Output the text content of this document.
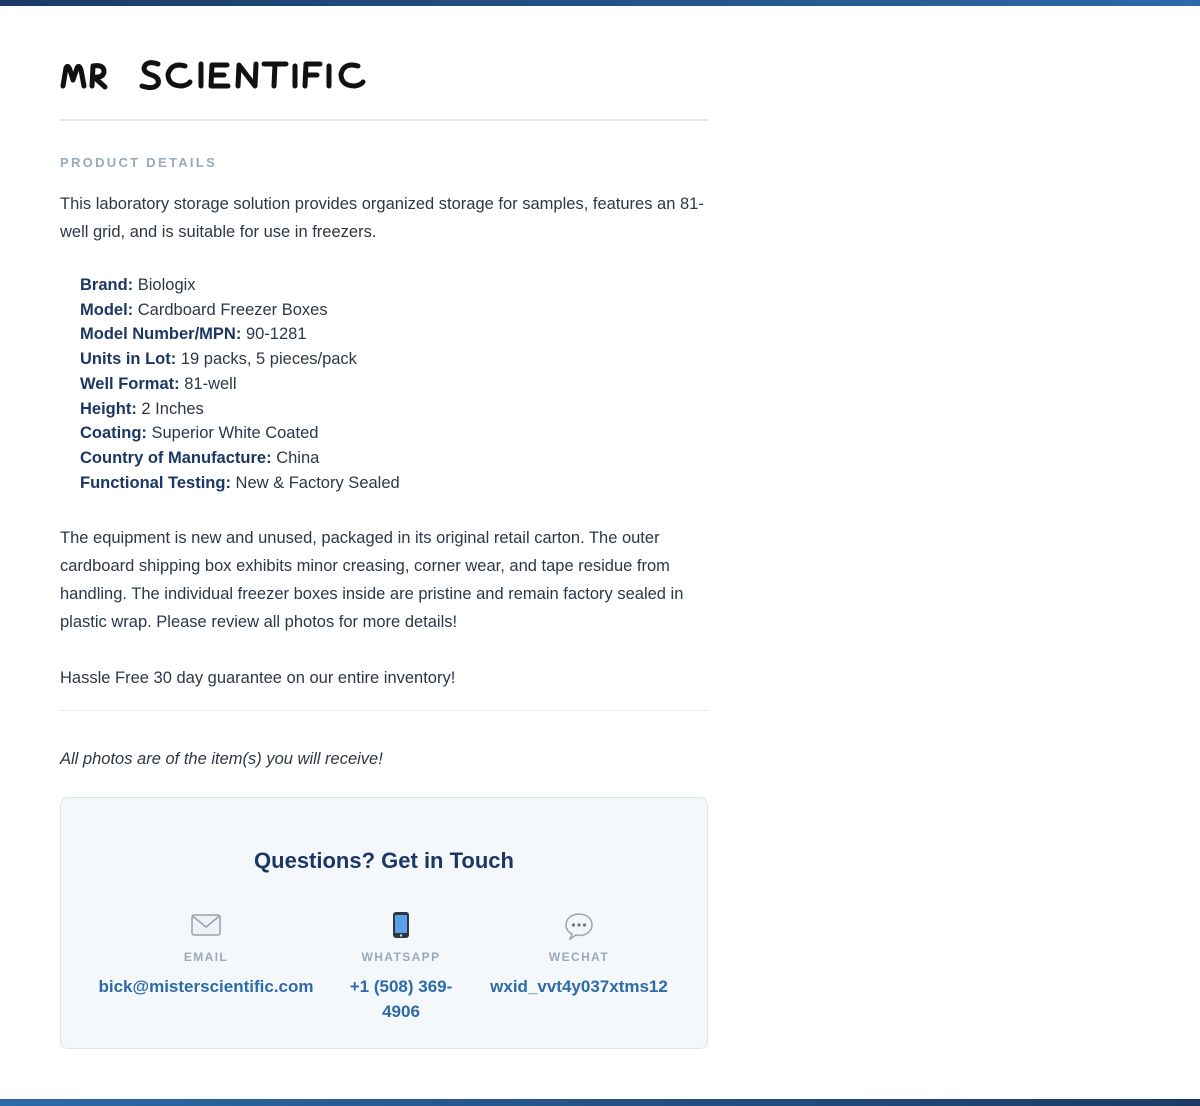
PRODUCT DETAILS

This laboratory storage solution provides organized storage for samples, features an 81-well grid, and is suitable for use in freezers.

Brand: Biologix
Model: Cardboard Freezer Boxes
Model Number/MPN: 90-1281
Units in Lot: 19 packs, 5 pieces/pack
Well Format: 81-well
Height: 2 Inches
Coating: Superior White Coated
Country of Manufacture: China
Functional Testing: New & Factory Sealed

The equipment is new and unused, packaged in its original retail carton. The outer cardboard shipping box exhibits minor creasing, corner wear, and tape residue from handling. The individual freezer boxes inside are pristine and remain factory sealed in plastic wrap. Please review all photos for more details!

Hassle Free 30 day guarantee on our entire inventory!

All photos are of the item(s) you will receive!
Questions? Get in Touch
EMAIL
bick@misterscientific.com
WHATSAPP
+1 (508) 369-4906
WECHAT
wxid_vvt4y037xtms12
